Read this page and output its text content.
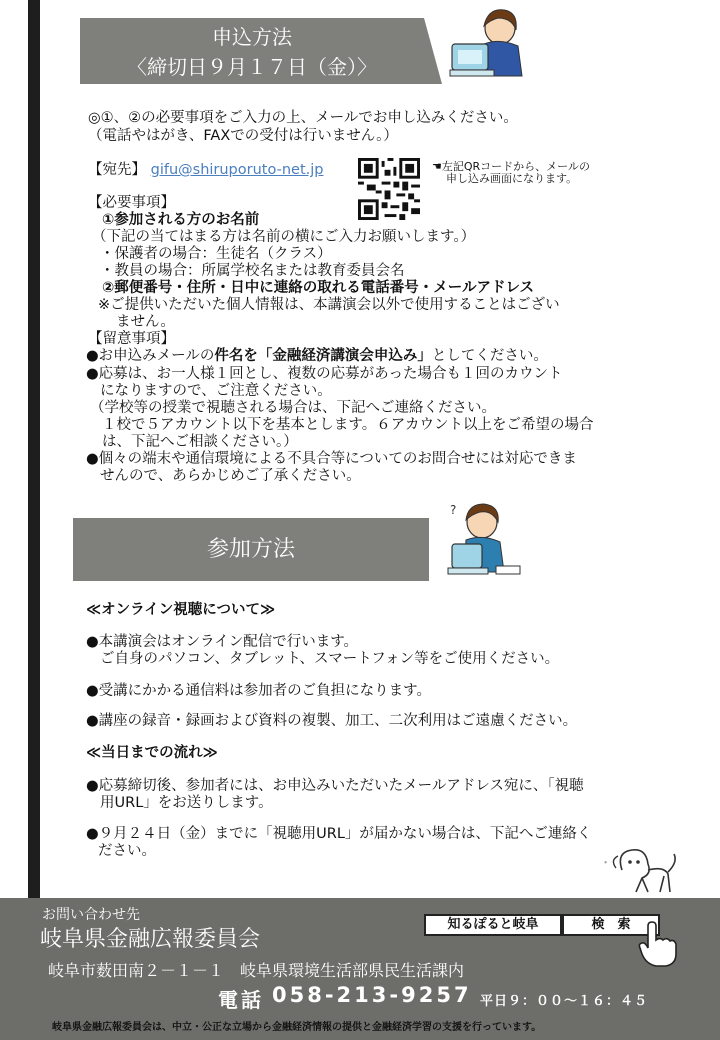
申込方法
〈締切日９月１７日（金）〉
◎①、②の必要事項をご入力の上、メールでお申し込みください。
（電話やはがき、FAXでの受付は行いません。）
【宛先】 gifu@shiruporuto-net.jp	☚左記QRコードから、メールの
申し込み画面になります。
【必要事項】
①参加される方のお名前
（下記の当てはまる方は名前の横にご入力お願いします。）
・保護者の場合：生徒名（クラス）
・教員の場合：所属学校名または教育委員会名
②郵便番号・住所・日中に連絡の取れる電話番号・メールアドレス
※ご提供いただいた個人情報は、本講演会以外で使用することはござい
ません。
【留意事項】
●お申込みメールの件名を「金融経済講演会申込み」としてください。
●応募は、お一人様１回とし、複数の応募があった場合も１回のカウント
になりますので、ご注意ください。
（学校等の授業で視聴される場合は、下記へご連絡ください。
１校で５アカウント以下を基本とします。６アカウント以上をご希望の場合
は、下記へご相談ください。）
●個々の端末や通信環境による不具合等についてのお問合せには対応できま
せんので、あらかじめご了承ください。
参加方法
?
≪オンライン視聴について≫
●本講演会はオンライン配信で行います。
ご自身のパソコン、タブレット、スマートフォン等をご使用ください。
●受講にかかる通信料は参加者のご負担になります。
●講座の録音・録画および資料の複製、加工、二次利用はご遠慮ください。
≪当日までの流れ≫
●応募締切後、参加者には、お申込みいただいたメールアドレス宛に、「視聴
用URL」をお送りします。
●９月２４日（金）までに「視聴用URL」が届かない場合は、下記へご連絡く
ださい。
ﾞ
お問い合わせ先
岐阜県金融広報委員会
岐阜市薮田南２－１－１　岐阜県環境生活部県民生活課内
電話 058-213-9257 平日９：００〜１６：４５
岐阜県金融広報委員会は、中立・公正な立場から金融経済情報の提供と金融経済学習の支援を行っています。
知るぽると岐阜	検　索
